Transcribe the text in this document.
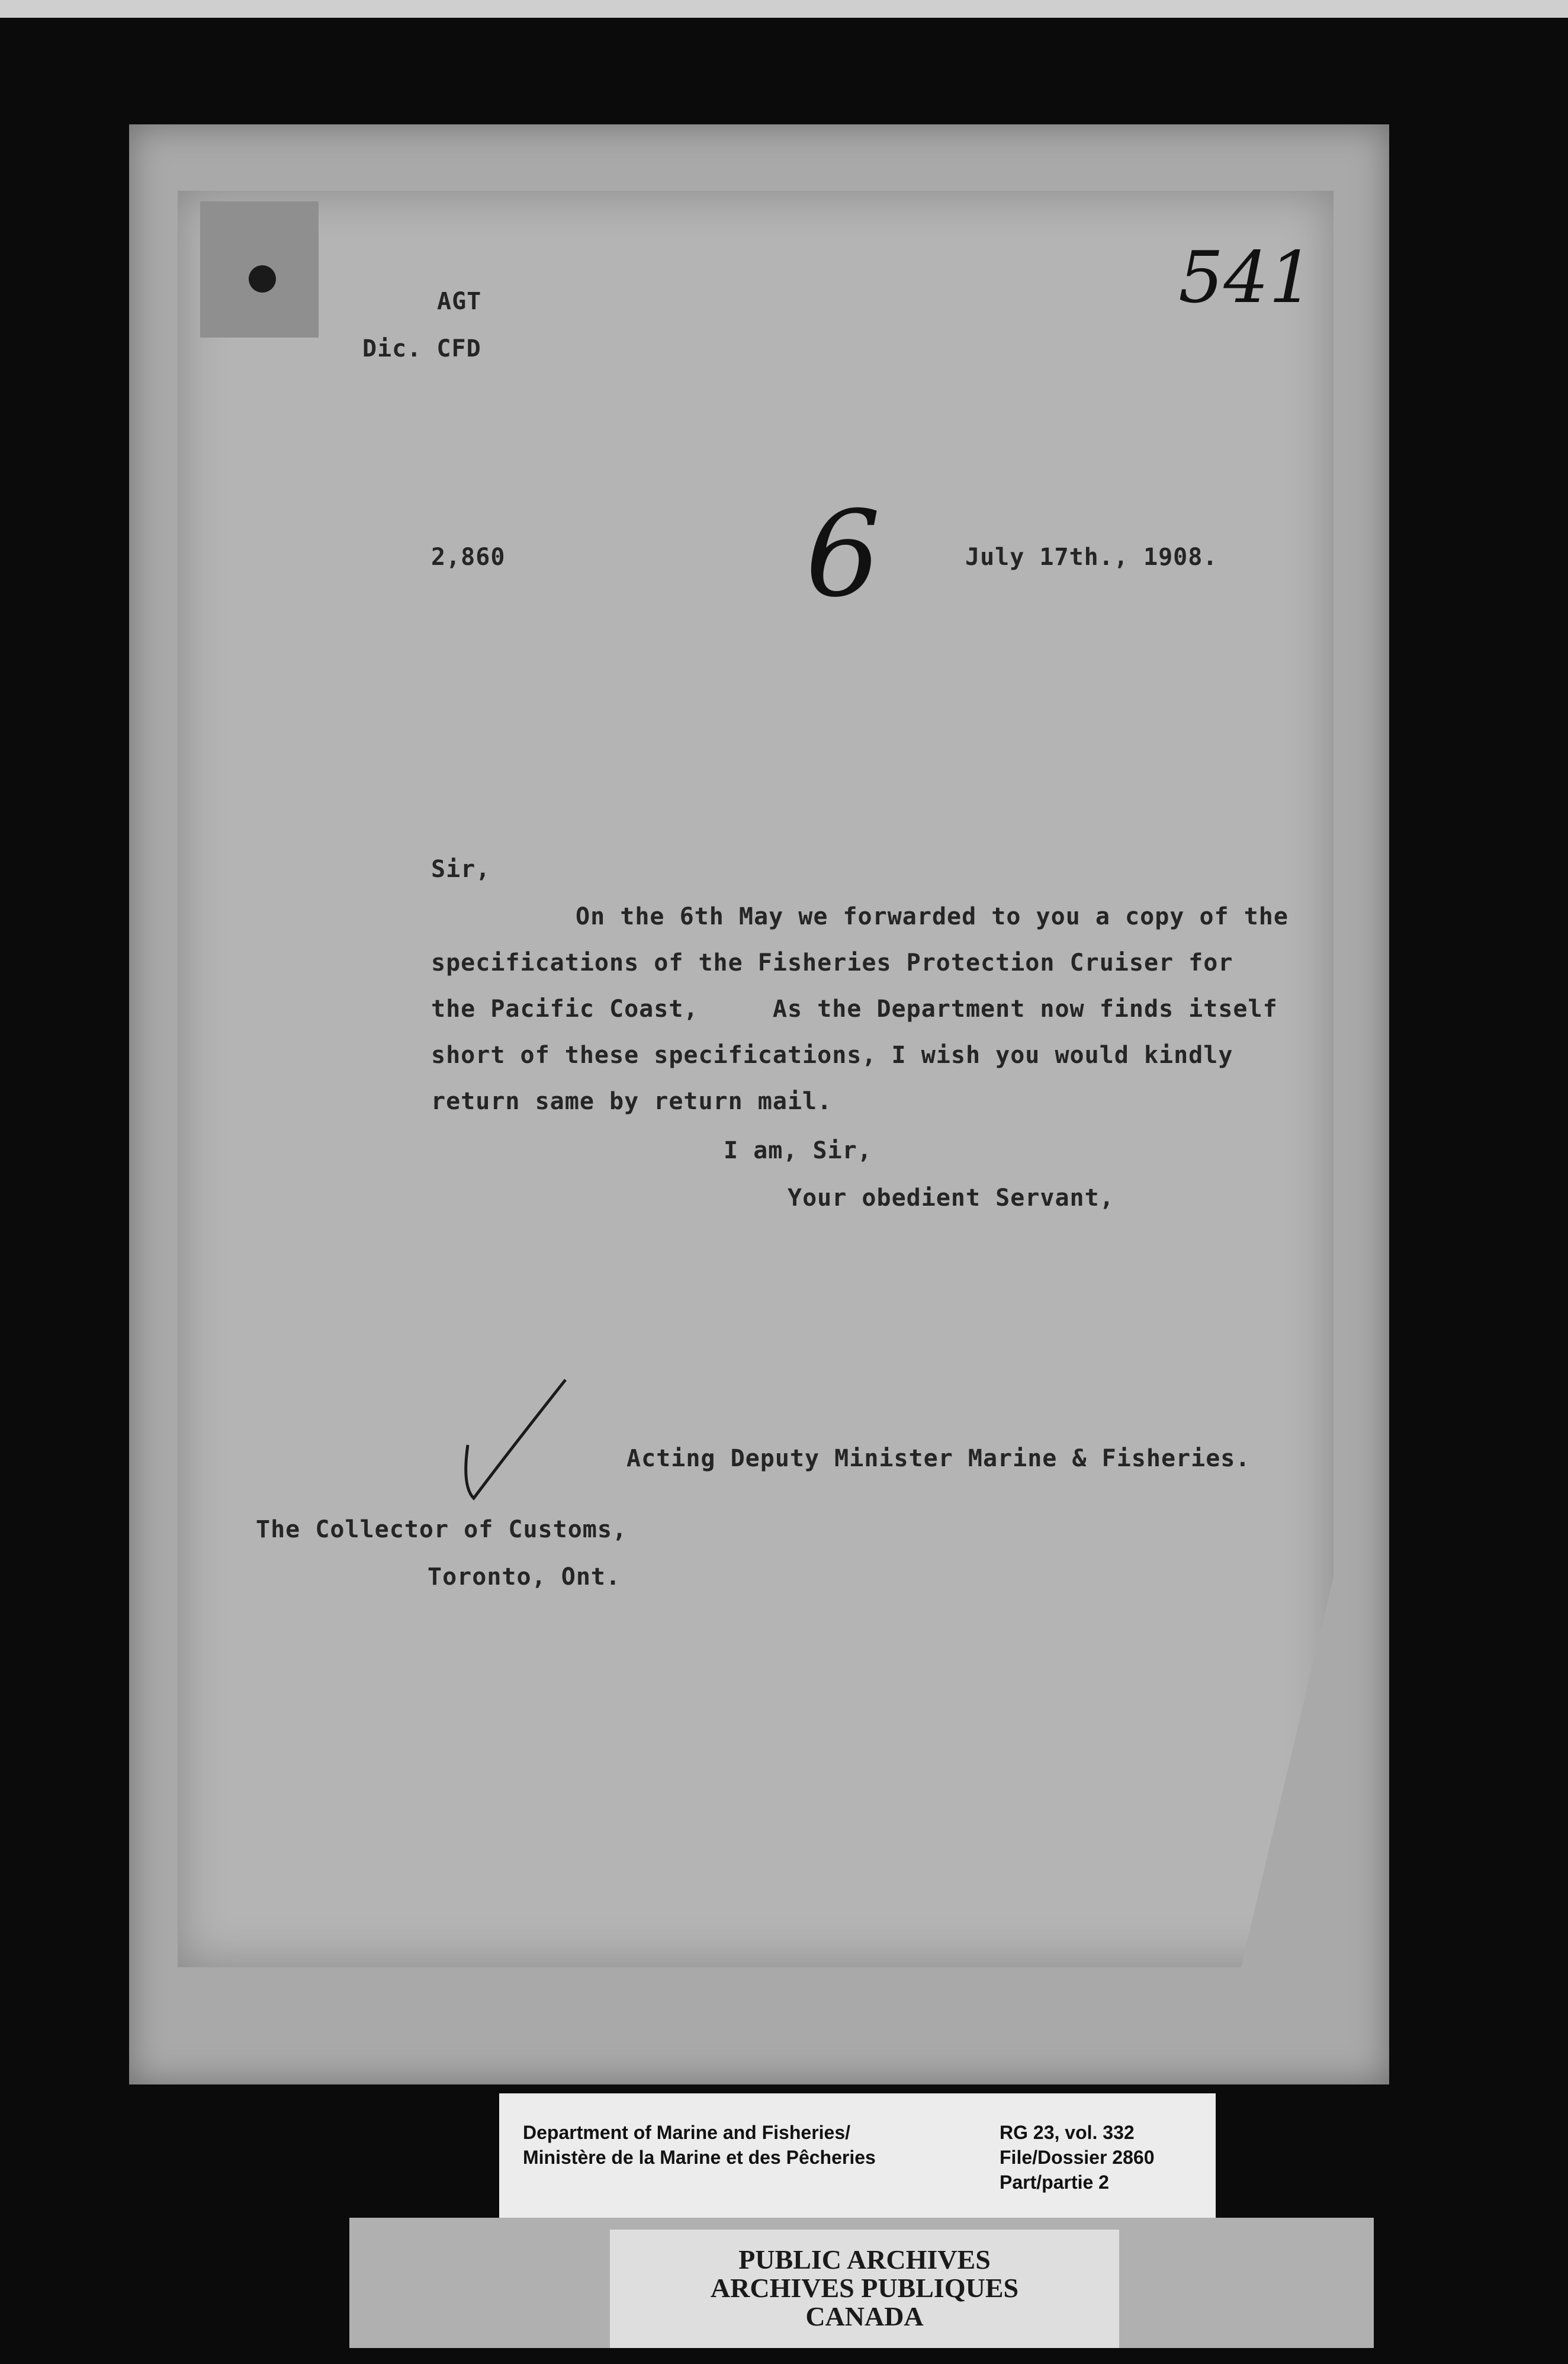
541
AGT
Dic. CFD
2,860	6	July 17th., 1908.
Sir,
On the 6th May we forwarded to you a copy of the
specifications of the Fisheries Protection Cruiser for
the Pacific Coast,     As the Department now finds itself
short of these specifications, I wish you would kindly
return same by return mail.
I am, Sir,
Your obedient Servant,
Acting Deputy Minister Marine & Fisheries.
The Collector of Customs,
Toronto, Ont.
Department of Marine and Fisheries/
Ministère de la Marine et des Pêcheries
RG 23, vol. 332
File/Dossier 2860
Part/partie 2
PUBLIC ARCHIVES
ARCHIVES PUBLIQUES
CANADA
